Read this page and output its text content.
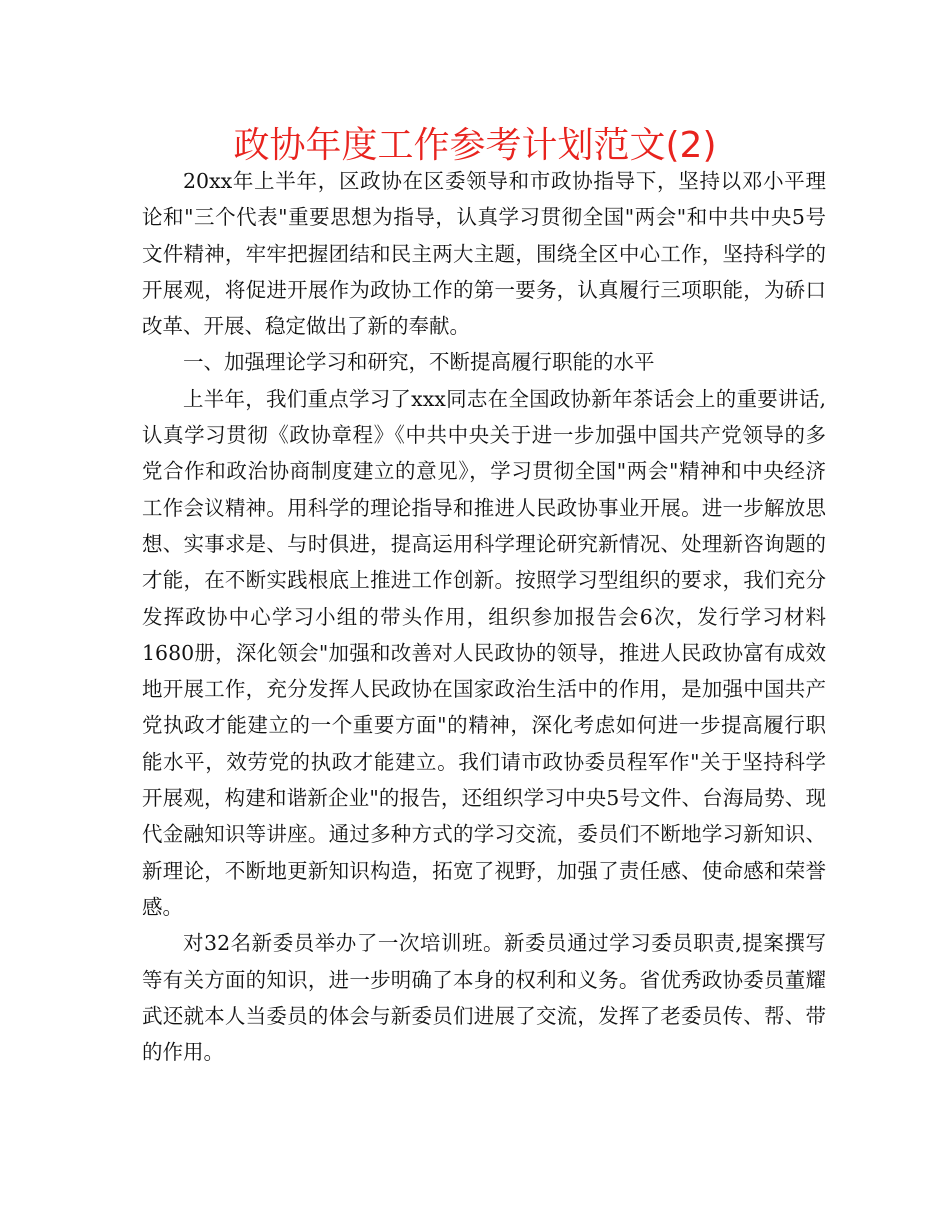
政协年度工作参考计划范文(2)

20xx年上半年，区政协在区委领导和市政协指导下，坚持以邓小平理论和"三个代表"重要思想为指导，认真学习贯彻全国"两会"和中共中央5号文件精神，牢牢把握团结和民主两大主题，围绕全区中心工作，坚持科学的开展观，将促进开展作为政协工作的第一要务，认真履行三项职能，为硚口改革、开展、稳定做出了新的奉献。

一、加强理论学习和研究，不断提高履行职能的水平

上半年，我们重点学习了xxx同志在全国政协新年茶话会上的重要讲话,认真学习贯彻《政协章程》《中共中央关于进一步加强中国共产党领导的多党合作和政治协商制度建立的意见》，学习贯彻全国"两会"精神和中央经济工作会议精神。用科学的理论指导和推进人民政协事业开展。进一步解放思想、实事求是、与时俱进，提高运用科学理论研究新情况、处理新咨询题的才能，在不断实践根底上推进工作创新。按照学习型组织的要求，我们充分发挥政协中心学习小组的带头作用，组织参加报告会6次，发行学习材料1680册，深化领会"加强和改善对人民政协的领导，推进人民政协富有成效地开展工作，充分发挥人民政协在国家政治生活中的作用，是加强中国共产党执政才能建立的一个重要方面"的精神，深化考虑如何进一步提高履行职能水平，效劳党的执政才能建立。我们请市政协委员程军作"关于坚持科学开展观，构建和谐新企业"的报告，还组织学习中央5号文件、台海局势、现代金融知识等讲座。通过多种方式的学习交流，委员们不断地学习新知识、新理论，不断地更新知识构造，拓宽了视野，加强了责任感、使命感和荣誉感。

对32名新委员举办了一次培训班。新委员通过学习委员职责,提案撰写等有关方面的知识，进一步明确了本身的权利和义务。省优秀政协委员董耀武还就本人当委员的体会与新委员们进展了交流，发挥了老委员传、帮、带的作用。
